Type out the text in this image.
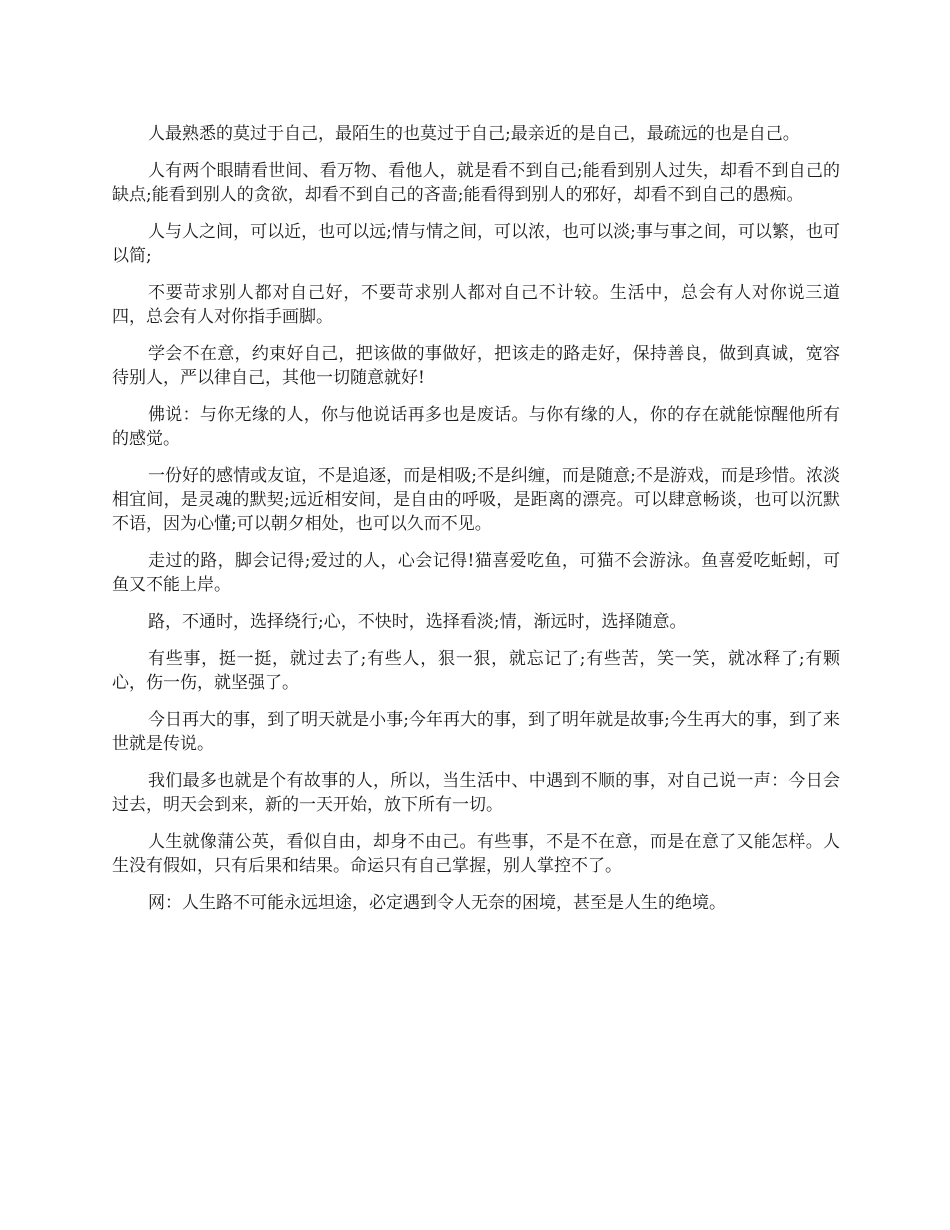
人最熟悉的莫过于自己，最陌生的也莫过于自己;最亲近的是自己，最疏远的也是自己。

人有两个眼睛看世间、看万物、看他人，就是看不到自己;能看到别人过失，却看不到自己的缺点;能看到别人的贪欲，却看不到自己的吝啬;能看得到别人的邪好，却看不到自己的愚痴。

人与人之间，可以近，也可以远;情与情之间，可以浓，也可以淡;事与事之间，可以繁，也可以简;

不要苛求别人都对自己好，不要苛求别人都对自己不计较。生活中，总会有人对你说三道四，总会有人对你指手画脚。

学会不在意，约束好自己，把该做的事做好，把该走的路走好，保持善良，做到真诚，宽容待别人，严以律自己，其他一切随意就好!

佛说：与你无缘的人，你与他说话再多也是废话。与你有缘的人，你的存在就能惊醒他所有的感觉。

一份好的感情或友谊，不是追逐，而是相吸;不是纠缠，而是随意;不是游戏，而是珍惜。浓淡相宜间，是灵魂的默契;远近相安间，是自由的呼吸，是距离的漂亮。可以肆意畅谈，也可以沉默不语，因为心懂;可以朝夕相处，也可以久而不见。

走过的路，脚会记得;爱过的人，心会记得!猫喜爱吃鱼，可猫不会游泳。鱼喜爱吃蚯蚓，可鱼又不能上岸。

路，不通时，选择绕行;心，不快时，选择看淡;情，渐远时，选择随意。

有些事，挺一挺，就过去了;有些人，狠一狠，就忘记了;有些苦，笑一笑，就冰释了;有颗心，伤一伤，就坚强了。

今日再大的事，到了明天就是小事;今年再大的事，到了明年就是故事;今生再大的事，到了来世就是传说。

我们最多也就是个有故事的人，所以，当生活中、中遇到不顺的事，对自己说一声：今日会过去，明天会到来，新的一天开始，放下所有一切。

人生就像蒲公英，看似自由，却身不由己。有些事，不是不在意，而是在意了又能怎样。人生没有假如，只有后果和结果。命运只有自己掌握，别人掌控不了。

网：人生路不可能永远坦途，必定遇到令人无奈的困境，甚至是人生的绝境。
